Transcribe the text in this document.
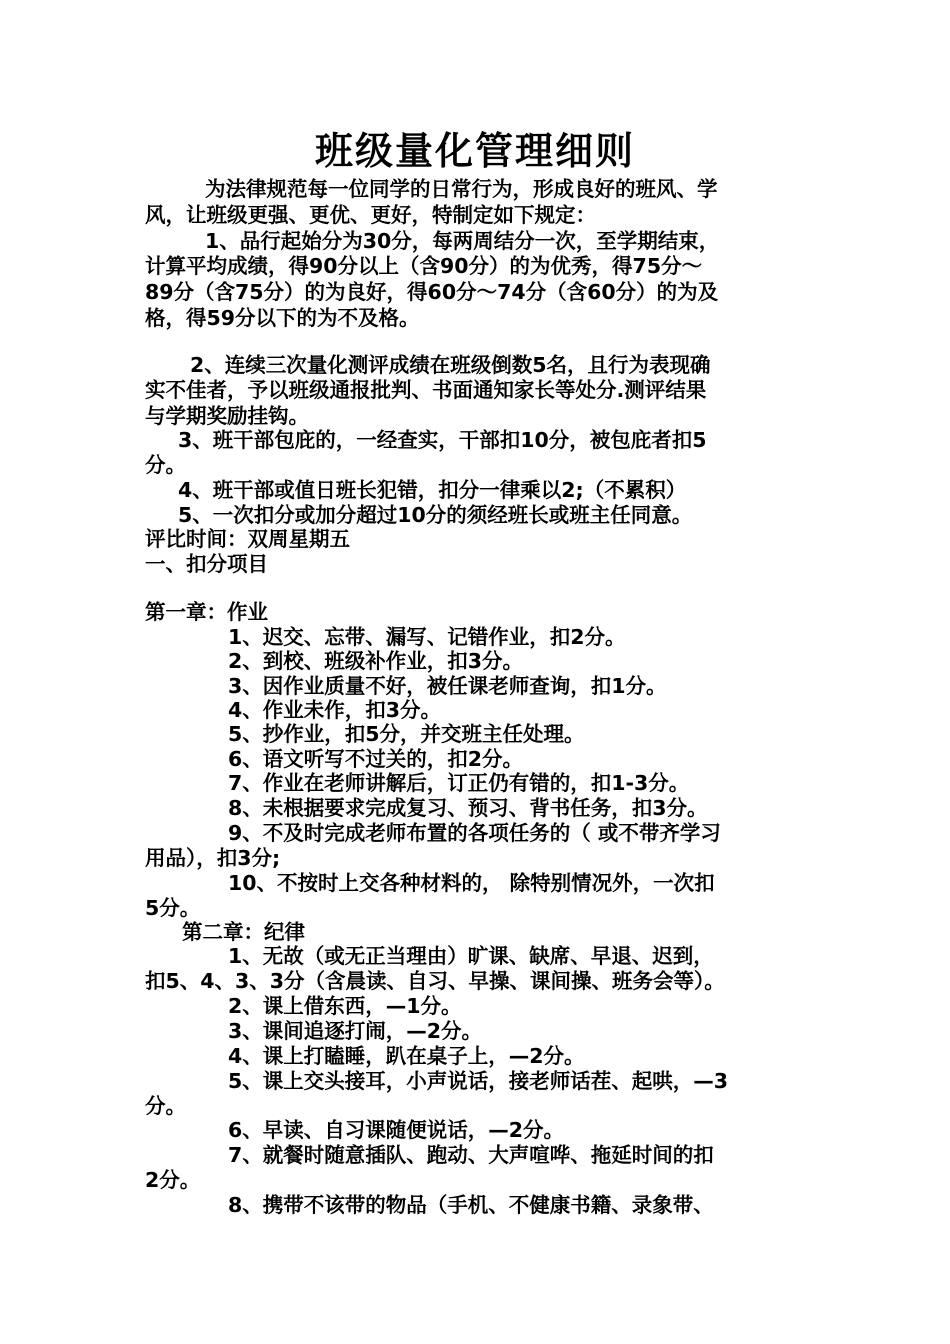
班级量化管理细则
为法律规范每一位同学的日常行为，形成良好的班风、学
风，让班级更强、更优、更好，特制定如下规定：
1、品行起始分为30分，每两周结分一次，至学期结束，
计算平均成绩，得90分以上（含90分）的为优秀，得75分～
89分（含75分）的为良好，得60分～74分（含60分）的为及
格，得59分以下的为不及格。
2、连续三次量化测评成绩在班级倒数5名，且行为表现确
实不佳者，予以班级通报批判、书面通知家长等处分.测评结果
与学期奖励挂钩。
3、班干部包庇的，一经查实，干部扣10分，被包庇者扣5
分。
4、班干部或值日班长犯错，扣分一律乘以2;（不累积）
5、一次扣分或加分超过10分的须经班长或班主任同意。
评比时间：双周星期五
一、扣分项目
第一章：作业
1、迟交、忘带、漏写、记错作业，扣2分。
2、到校、班级补作业，扣3分。
3、因作业质量不好，被任课老师查询，扣1分。
4、作业未作，扣3分。
5、抄作业，扣5分，并交班主任处理。
6、语文听写不过关的，扣2分。
7、作业在老师讲解后，订正仍有错的，扣1-3分。
8、未根据要求完成复习、预习、背书任务，扣3分。
9、不及时完成老师布置的各项任务的（ 或不带齐学习
用品），扣3分;
10、不按时上交各种材料的， 除特别情况外，一次扣
5分。
第二章：纪律
1、无故（或无正当理由）旷课、缺席、早退、迟到，
扣5、4、3、3分（含晨读、自习、早操、课间操、班务会等）。
2、课上借东西，—1分。
3、课间追逐打闹，—2分。
4、课上打瞌睡，趴在桌子上，—2分。
5、课上交头接耳，小声说话，接老师话茬、起哄，—3
分。
6、早读、自习课随便说话，—2分。
7、就餐时随意插队、跑动、大声喧哗、拖延时间的扣
2分。
8、携带不该带的物品（手机、不健康书籍、录象带、
